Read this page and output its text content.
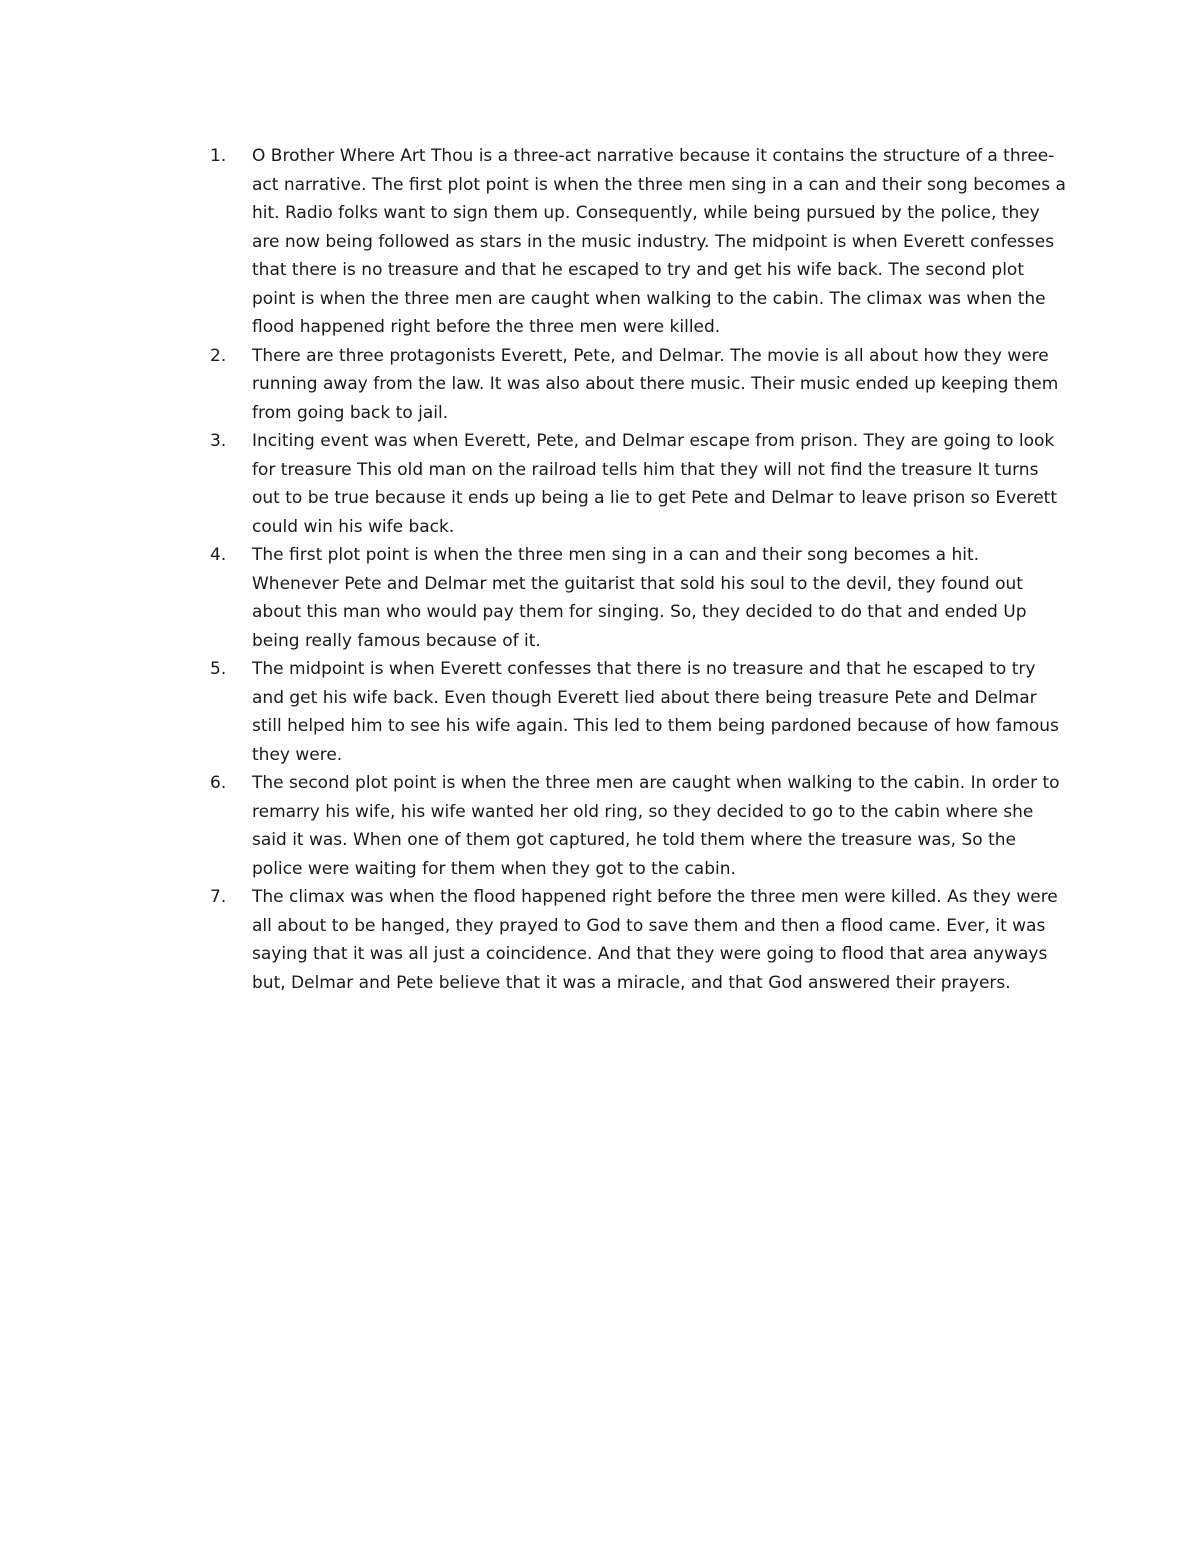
1.	O Brother Where Art Thou is a three-act narrative because it contains the structure of a three-act narrative. The first plot point is when the three men sing in a can and their song becomes a hit. Radio folks want to sign them up. Consequently, while being pursued by the police, they are now being followed as stars in the music industry. The midpoint is when Everett confesses that there is no treasure and that he escaped to try and get his wife back. The second plot point is when the three men are caught when walking to the cabin. The climax was when the flood happened right before the three men were killed.
2.	There are three protagonists Everett, Pete, and Delmar. The movie is all about how they were running away from the law. It was also about there music. Their music ended up keeping them from going back to jail.
3.	Inciting event was when Everett, Pete, and Delmar escape from prison. They are going to look for treasure This old man on the railroad tells him that they will not find the treasure It turns out to be true because it ends up being a lie to get Pete and Delmar to leave prison so Everett could win his wife back.
4.	The first plot point is when the three men sing in a can and their song becomes a hit. Whenever Pete and Delmar met the guitarist that sold his soul to the devil, they found out about this man who would pay them for singing. So, they decided to do that and ended Up being really famous because of it.
5.	The midpoint is when Everett confesses that there is no treasure and that he escaped to try and get his wife back. Even though Everett lied about there being treasure Pete and Delmar still helped him to see his wife again. This led to them being pardoned because of how famous they were.
6.	The second plot point is when the three men are caught when walking to the cabin. In order to remarry his wife, his wife wanted her old ring, so they decided to go to the cabin where she said it was. When one of them got captured, he told them where the treasure was, So the police were waiting for them when they got to the cabin.
7.	The climax was when the flood happened right before the three men were killed. As they were all about to be hanged, they prayed to God to save them and then a flood came. Ever, it was saying that it was all just a coincidence. And that they were going to flood that area anyways but, Delmar and Pete believe that it was a miracle, and that God answered their prayers.
